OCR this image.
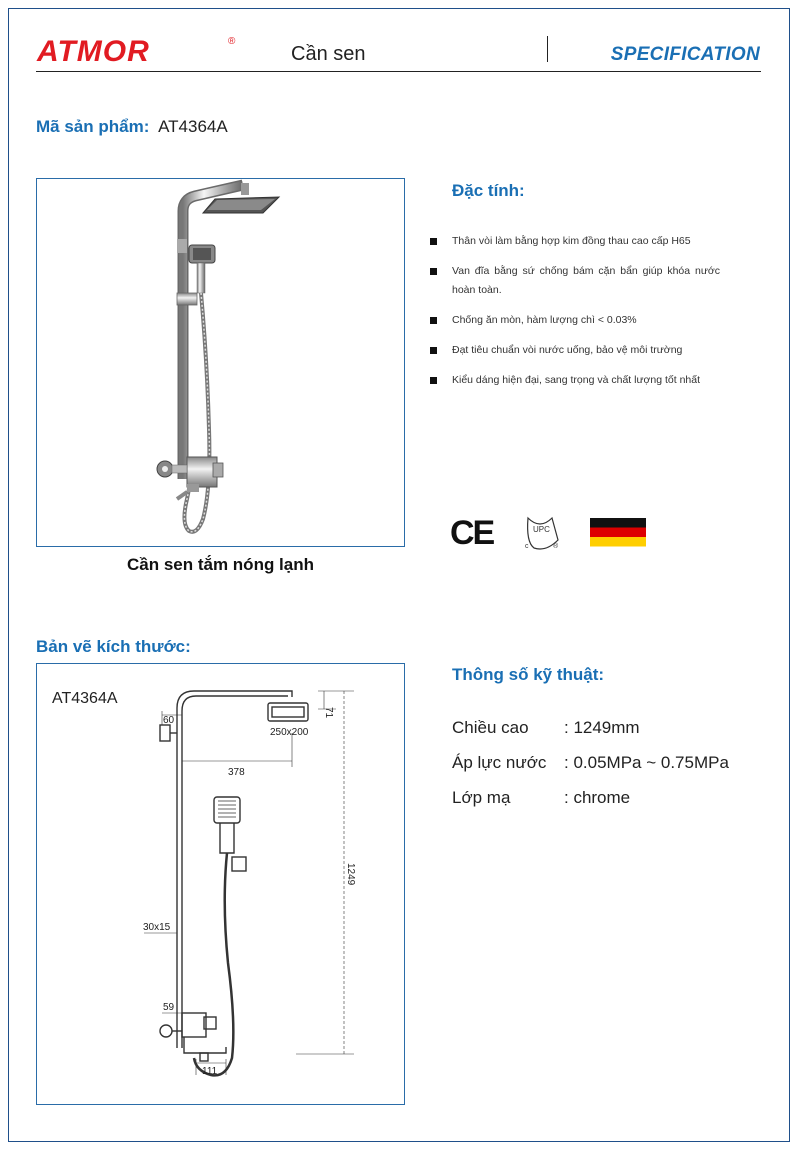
ATMOR	®
Cần sen	SPECIFICATION
Mã sản phẩm: AT4364A
Cần sen tắm nóng lạnh
Đặc tính:
Thân vòi làm bằng hợp kim đồng thau cao cấp H65
Van đĩa bằng sứ chống bám cặn bẩn giúp khóa nước hoàn toàn.
Chống ăn mòn, hàm lượng chì < 0.03%
Đạt tiêu chuẩn vòi nước uống, bảo vệ môi trường
Kiểu dáng hiện đại, sang trọng và chất lượng tốt nhất
CE	UPC
c	®
Bản vẽ kích thước:
AT4364A
60
71
250x200
378
1249
30x15
59
111
Thông số kỹ thuật:
Chiều cao	: 1249mm
Áp lực nước	: 0.05MPa ~ 0.75MPa
Lớp mạ	: chrome
